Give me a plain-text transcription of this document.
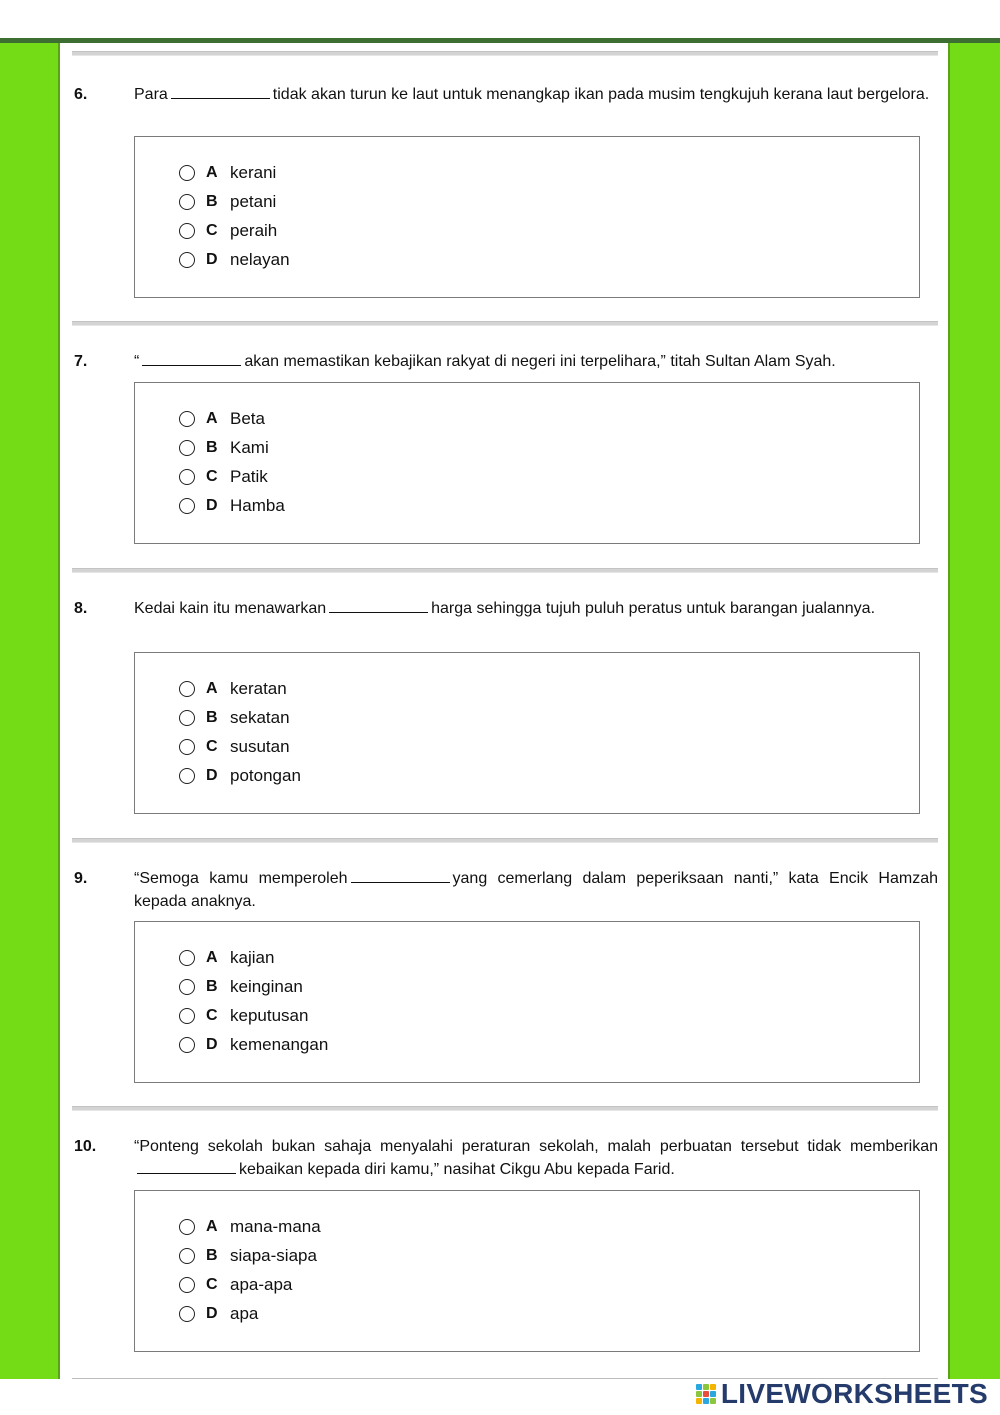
6.	Para	tidak akan turun ke laut untuk menangkap ikan pada musim tengkujuh kerana laut bergelora.
A kerani
B petani
C peraih
D nelayan
7.	“	akan memastikan kebajikan rakyat di negeri ini terpelihara,” titah Sultan Alam Syah.
A Beta
B Kami
C Patik
D Hamba
8.	Kedai kain itu menawarkan	harga sehingga tujuh puluh peratus untuk barangan jualannya.
A keratan
B sekatan
C susutan
D potongan
9.	“Semoga kamu memperoleh	yang cemerlang dalam peperiksaan nanti,” kata Encik Hamzah kepada anaknya.
A kajian
B keinginan
C keputusan
D kemenangan
10.	“Ponteng sekolah bukan sahaja menyalahi peraturan sekolah, malah perbuatan tersebut tidak memberikankebaikan kepada diri kamu,” nasihat Cikgu Abu kepada Farid.
A mana-mana
B siapa-siapa
C apa-apa
D apa
LIVEWORKSHEETS
